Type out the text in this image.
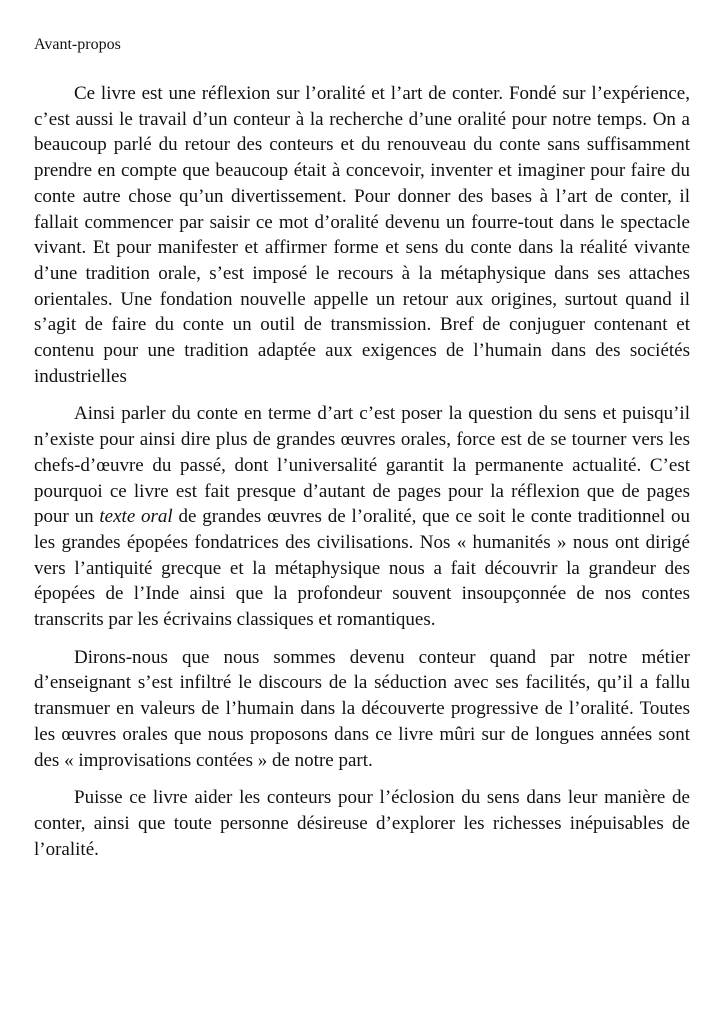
Avant-propos

Ce livre est une réflexion sur l’oralité et l’art de conter. Fondé sur l’expérience, c’est aussi le travail d’un conteur à la recherche d’une oralité pour notre temps. On a beaucoup parlé du retour des conteurs et du renouveau du conte sans suffisamment prendre en compte que beaucoup était à concevoir, inventer et imaginer pour faire du conte autre chose qu’un divertissement. Pour donner des bases à l’art de conter, il fallait commencer par saisir ce mot d’oralité devenu un fourre-tout dans le spectacle vivant. Et pour manifester et affirmer forme et sens du conte dans la réalité vivante d’une tradition orale, s’est imposé le recours à la métaphysique dans ses attaches orientales. Une fondation nouvelle appelle un retour aux origines, surtout quand il s’agit de faire du conte un outil de transmission. Bref de conjuguer contenant et contenu pour une tradition adaptée aux exigences de l’humain dans des sociétés industrielles

Ainsi parler du conte en terme d’art c’est poser la question du sens et puisqu’il n’existe pour ainsi dire plus de grandes œuvres orales, force est de se tourner vers les chefs-d’œuvre du passé, dont l’universalité garantit la permanente actualité. C’est pourquoi ce livre est fait presque d’autant de pages pour la réflexion que de pages pour un texte oral de grandes œuvres de l’oralité, que ce soit le conte traditionnel ou les grandes épopées fondatrices des civilisations. Nos « humanités » nous ont dirigé vers l’antiquité grecque et la métaphysique nous a fait découvrir la grandeur des épopées de l’Inde ainsi que la profondeur souvent insoupçonnée de nos contes transcrits par les écrivains classiques et romantiques.

Dirons-nous que nous sommes devenu conteur quand par notre métier d’enseignant s’est infiltré le discours de la séduction avec ses facilités, qu’il a fallu transmuer en valeurs de l’humain dans la découverte progressive de l’oralité. Toutes les œuvres orales que nous proposons dans ce livre mûri sur de longues années sont des « improvisations contées » de notre part.

Puisse ce livre aider les conteurs pour l’éclosion du sens dans leur manière de conter, ainsi que toute personne désireuse d’explorer les richesses inépuisables de l’oralité.
